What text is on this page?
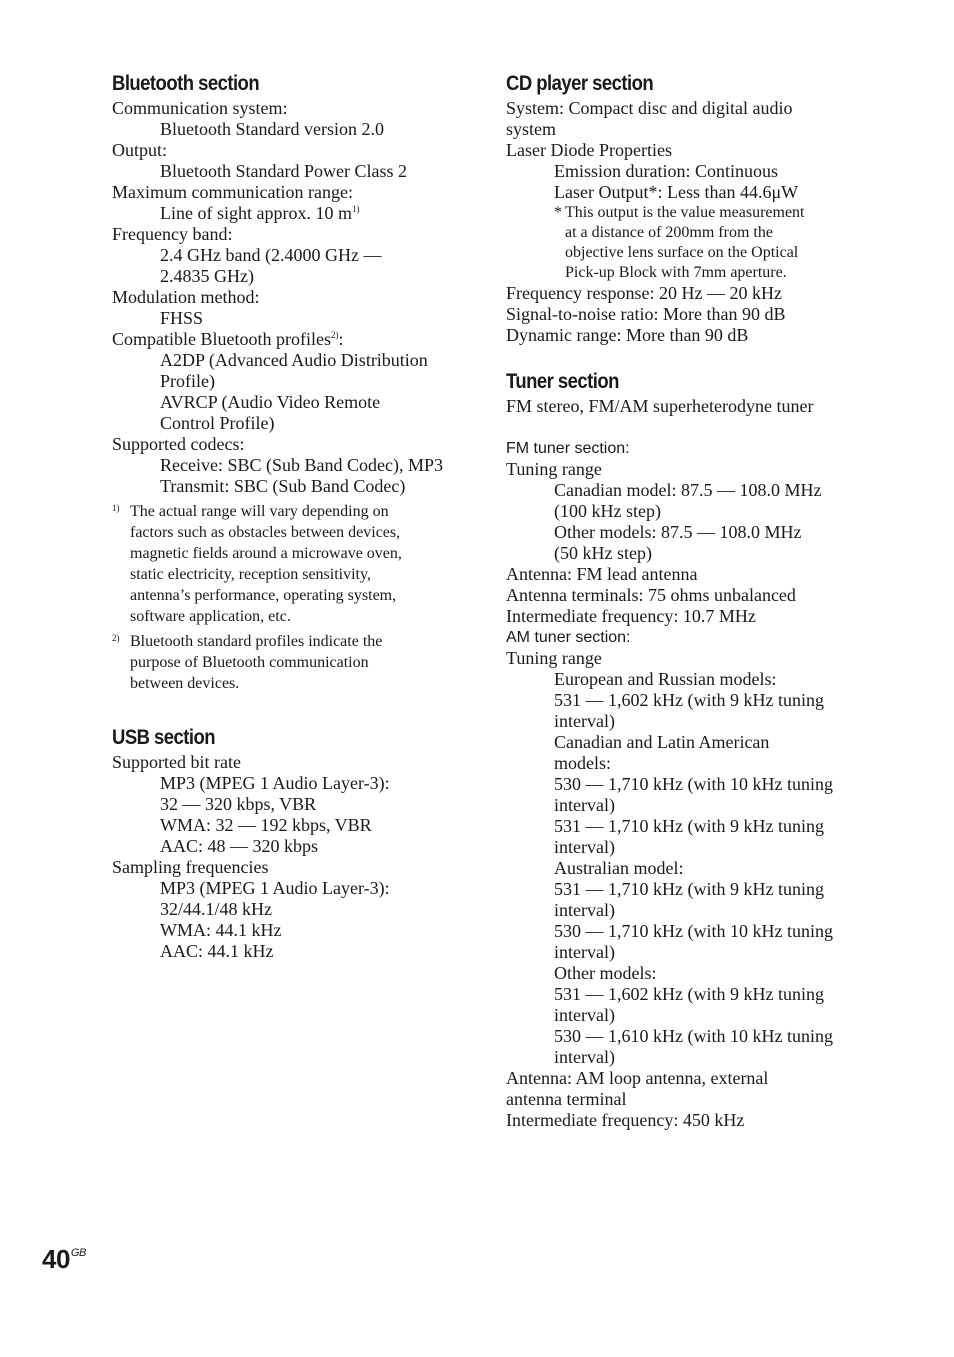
Bluetooth section
Communication system:
Bluetooth Standard version 2.0
Output:
Bluetooth Standard Power Class 2
Maximum communication range:
Line of sight approx. 10 $m^{1)}$
Frequency band:
2.4 GHz band (2.4000 GHz —
2.4835 GHz)
Modulation method:
FHSS
Compatible Bluetooth profiles$^{2)}$:
A2DP (Advanced Audio Distribution
Profile)
AVRCP (Audio Video Remote
Control Profile)
Supported codecs:
Receive: SBC (Sub Band Codec), MP3
Transmit: SBC (Sub Band Codec)
1) The actual range will vary depending on
factors such as obstacles between devices,
magnetic fields around a microwave oven,
static electricity, reception sensitivity,
antenna’s performance, operating system,
software application, etc.
2) Bluetooth standard profiles indicate the
purpose of Bluetooth communication
between devices.
USB section
Supported bit rate
MP3 (MPEG 1 Audio Layer-3):
32 — 320 kbps, VBR
WMA: 32 — 192 kbps, VBR
AAC: 48 — 320 kbps
Sampling frequencies
MP3 (MPEG 1 Audio Layer-3):
32/44.1/48 kHz
WMA: 44.1 kHz
AAC: 44.1 kHz
CD player section
System: Compact disc and digital audio
system
Laser Diode Properties
Emission duration: Continuous
Laser Output*: Less than 44.6μW
* This output is the value measurement
at a distance of 200mm from the
objective lens surface on the Optical
Pick-up Block with 7mm aperture.
Frequency response: 20 Hz — 20 kHz
Signal-to-noise ratio: More than 90 dB
Dynamic range: More than 90 dB
Tuner section
FM stereo, FM/AM superheterodyne tuner
FM tuner section:
Tuning range
Canadian model: 87.5 — 108.0 MHz
(100 kHz step)
Other models: 87.5 — 108.0 MHz
(50 kHz step)
Antenna: FM lead antenna
Antenna terminals: 75 ohms unbalanced
Intermediate frequency: 10.7 MHz
AM tuner section:
Tuning range
European and Russian models:
531 — 1,602 kHz (with 9 kHz tuning
interval)
Canadian and Latin American
models:
530 — 1,710 kHz (with 10 kHz tuning
interval)
531 — 1,710 kHz (with 9 kHz tuning
interval)
Australian model:
531 — 1,710 kHz (with 9 kHz tuning
interval)
530 — 1,710 kHz (with 10 kHz tuning
interval)
Other models:
531 — 1,602 kHz (with 9 kHz tuning
interval)
530 — 1,610 kHz (with 10 kHz tuning
interval)
Antenna: AM loop antenna, external
antenna terminal
Intermediate frequency: 450 kHz
$40^{GB}$
